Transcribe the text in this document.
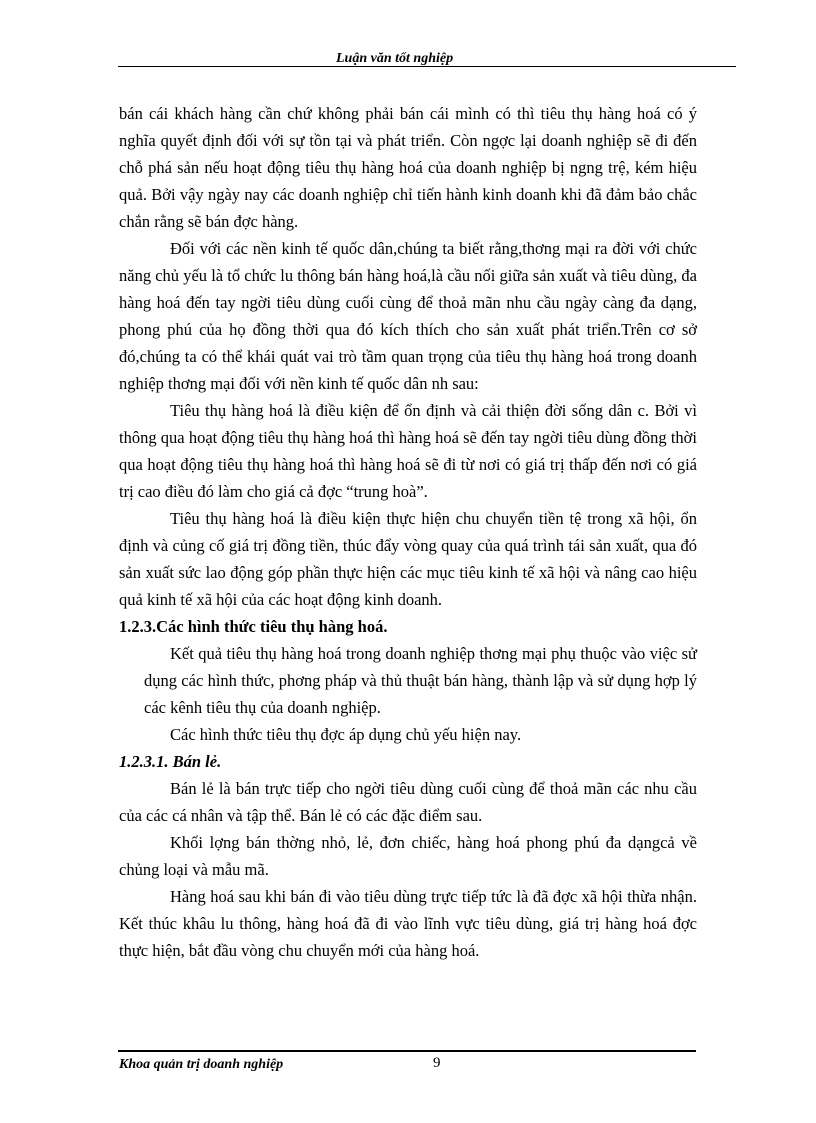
Luận văn tốt nghiệp

bán cái khách hàng cần chứ không phải bán cái mình có thì tiêu thụ hàng hoá có ý nghĩa quyết định đối với sự tồn tại và phát triển. Còn ngợc lại doanh nghiệp sẽ đi đến chỗ phá sản nếu hoạt động tiêu thụ hàng hoá của doanh nghiệp bị ngng trệ, kém hiệu quả. Bởi vậy ngày nay các doanh nghiệp chỉ tiến hành kinh doanh khi đã đảm bảo chắc chắn rằng sẽ bán đợc hàng.

Đối với các nền kinh tế quốc dân,chúng ta biết rằng,thơng mại ra đời với chức năng chủ yếu là tổ chức lu thông bán hàng hoá,là cầu nối giữa sản xuất và tiêu dùng, đa hàng hoá đến tay ngời tiêu dùng cuối cùng để thoả mãn nhu cầu ngày càng đa dạng, phong phú của họ đồng thời qua đó kích thích cho sản xuất phát triển.Trên cơ sở đó,chúng ta có thể khái quát vai trò tầm quan trọng của tiêu thụ hàng hoá trong doanh nghiệp thơng mại đối với nền kinh tế quốc dân nh sau:

Tiêu thụ hàng hoá là điều kiện để ổn định và cải thiện đời sống dân c. Bởi vì thông qua hoạt động tiêu thụ hàng hoá thì hàng hoá sẽ đến tay ngời tiêu dùng đồng thời qua hoạt động tiêu thụ hàng hoá thì hàng hoá sẽ đi từ nơi có giá trị thấp đến nơi có giá trị cao điều đó làm cho giá cả đợc “trung hoà”.

Tiêu thụ hàng hoá là điều kiện thực hiện chu chuyển tiền tệ trong xã hội, ổn định và củng cố giá trị đồng tiền, thúc đẩy vòng quay của quá trình tái sản xuất, qua đó sản xuất sức lao động góp phần thực hiện các mục tiêu kinh tế xã hội và nâng cao hiệu quả kinh tế xã hội của các hoạt động kinh doanh.

1.2.3.Các hình thức tiêu thụ hàng hoá.

Kết quả tiêu thụ hàng hoá trong doanh nghiệp thơng mại phụ thuộc vào việc sử dụng các hình thức, phơng pháp và thủ thuật bán hàng, thành lập và sử dụng hợp lý các kênh tiêu thụ của doanh nghiệp.

Các hình thức tiêu thụ đợc áp dụng chủ yếu hiện nay.

1.2.3.1. Bán lẻ.

Bán lẻ là bán trực tiếp cho ngời tiêu dùng cuối cùng để thoả mãn các nhu cầu của các cá nhân và tập thể. Bán lẻ có các đặc điểm sau.

Khối lợng bán thờng nhỏ, lẻ, đơn chiếc, hàng hoá phong phú đa dạngcả về chủng loại và mẫu mã.

Hàng hoá sau khi bán đi vào tiêu dùng trực tiếp tức là đã đợc xã hội thừa nhận. Kết thúc khâu lu thông, hàng hoá đã đi vào lĩnh vực tiêu dùng, giá trị hàng hoá đợc thực hiện, bắt đầu vòng chu chuyển mới của hàng hoá.

Khoa quản trị doanh nghiệp	9
